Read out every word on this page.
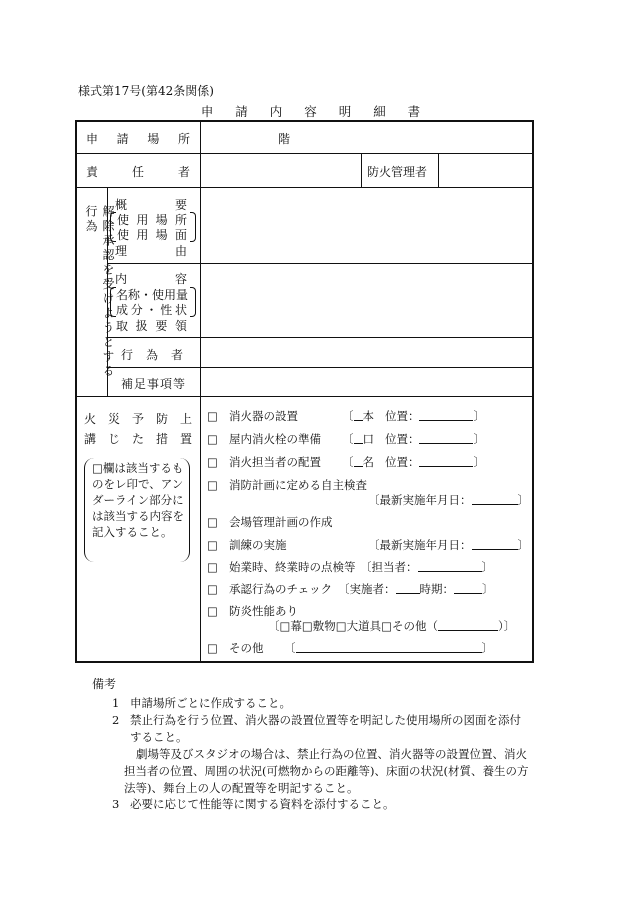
様式第17号(第42条関係)
申 請 内 容 明 細 書
申 請 場 所	階
責	任	者	防火管理者
解除承認を受けようとする行為	概	要
使 用 場 所
使 用 場 面
理	由
内	容
名称・使用量
成 分 ・ 性 状
取 扱 要 領
行 為 者
補足事項等
火 災 予 防 上
講 じ た 措 置
□欄は該当するものをレ印で、アンダーライン部分には該当する内容を記入すること。
□ 消火器の設置	〔 本 位置：	〕
□ 屋内消火栓の準備 〔 口 位置：	〕
□ 消火担当者の配置 〔 名 位置：	〕
□ 消防計画に定める自主検査
〔最新実施年月日：	〕
□ 会場管理計画の作成
□ 訓練の実施	〔最新実施年月日：	〕
□ 始業時、終業時の点検等 〔担当者：	〕
□ 承認行為のチェック 〔実施者： 時期： 〕
□ 防炎性能あり
〔□幕□敷物□大道具□その他（	）〕
□ その他 〔	〕
備考
1 申請場所ごとに作成すること。
2 禁止行為を行う位置、消火器の設置位置等を明記した使用場所の図面を添付すること。
劇場等及びスタジオの場合は、禁止行為の位置、消火器等の設置位置、消火担当者の位置、周囲の状況(可燃物からの距離等)、床面の状況(材質、養生の方法等)、舞台上の人の配置等を明記すること。
3 必要に応じて性能等に関する資料を添付すること。
